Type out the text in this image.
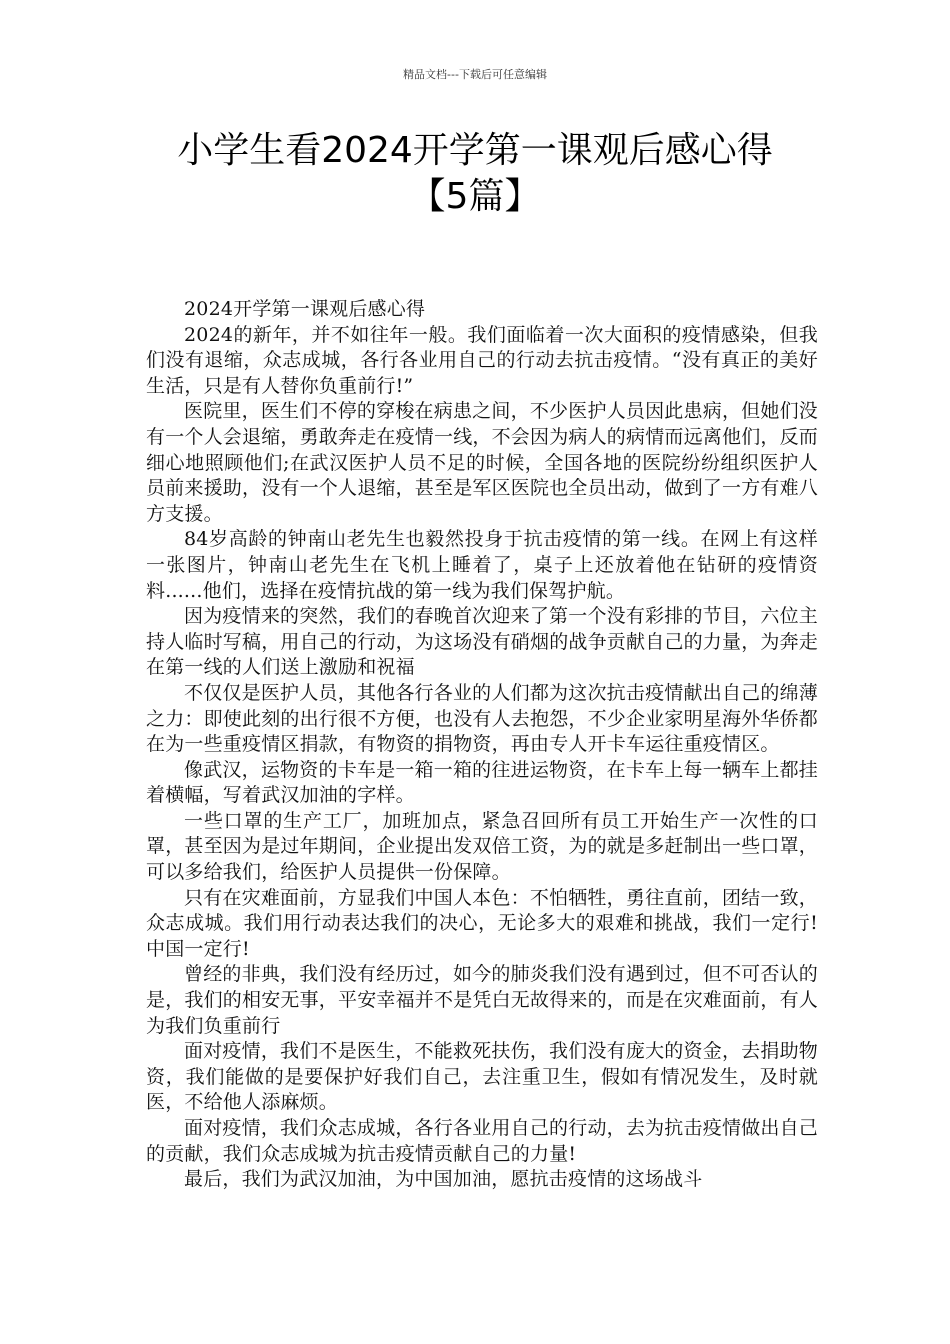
精品文档---下载后可任意编辑
小学生看2024开学第一课观后感心得
【5篇】

2024开学第一课观后感心得

2024的新年，并不如往年一般。我们面临着一次大面积的疫情感染，但我们没有退缩，众志成城，各行各业用自己的行动去抗击疫情。“没有真正的美好生活，只是有人替你负重前行!”

医院里，医生们不停的穿梭在病患之间，不少医护人员因此患病，但她们没有一个人会退缩，勇敢奔走在疫情一线，不会因为病人的病情而远离他们，反而细心地照顾他们;在武汉医护人员不足的时候，全国各地的医院纷纷组织医护人员前来援助，没有一个人退缩，甚至是军区医院也全员出动，做到了一方有难八方支援。

84岁高龄的钟南山老先生也毅然投身于抗击疫情的第一线。在网上有这样一张图片，钟南山老先生在飞机上睡着了，桌子上还放着他在钻研的疫情资料......他们，选择在疫情抗战的第一线为我们保驾护航。

因为疫情来的突然，我们的春晚首次迎来了第一个没有彩排的节目，六位主持人临时写稿，用自己的行动，为这场没有硝烟的战争贡献自己的力量，为奔走在第一线的人们送上激励和祝福

不仅仅是医护人员，其他各行各业的人们都为这次抗击疫情献出自己的绵薄之力：即使此刻的出行很不方便，也没有人去抱怨，不少企业家明星海外华侨都在为一些重疫情区捐款，有物资的捐物资，再由专人开卡车运往重疫情区。

像武汉，运物资的卡车是一箱一箱的往进运物资，在卡车上每一辆车上都挂着横幅，写着武汉加油的字样。

一些口罩的生产工厂，加班加点，紧急召回所有员工开始生产一次性的口罩，甚至因为是过年期间，企业提出发双倍工资，为的就是多赶制出一些口罩，可以多给我们，给医护人员提供一份保障。

只有在灾难面前，方显我们中国人本色：不怕牺牲，勇往直前，团结一致，众志成城。我们用行动表达我们的决心，无论多大的艰难和挑战，我们一定行!中国一定行!

曾经的非典，我们没有经历过，如今的肺炎我们没有遇到过，但不可否认的是，我们的相安无事，平安幸福并不是凭白无故得来的，而是在灾难面前，有人为我们负重前行

面对疫情，我们不是医生，不能救死扶伤，我们没有庞大的资金，去捐助物资，我们能做的是要保护好我们自己，去注重卫生，假如有情况发生，及时就医，不给他人添麻烦。

面对疫情，我们众志成城，各行各业用自己的行动，去为抗击疫情做出自己的贡献，我们众志成城为抗击疫情贡献自己的力量!

最后，我们为武汉加油，为中国加油，愿抗击疫情的这场战斗
